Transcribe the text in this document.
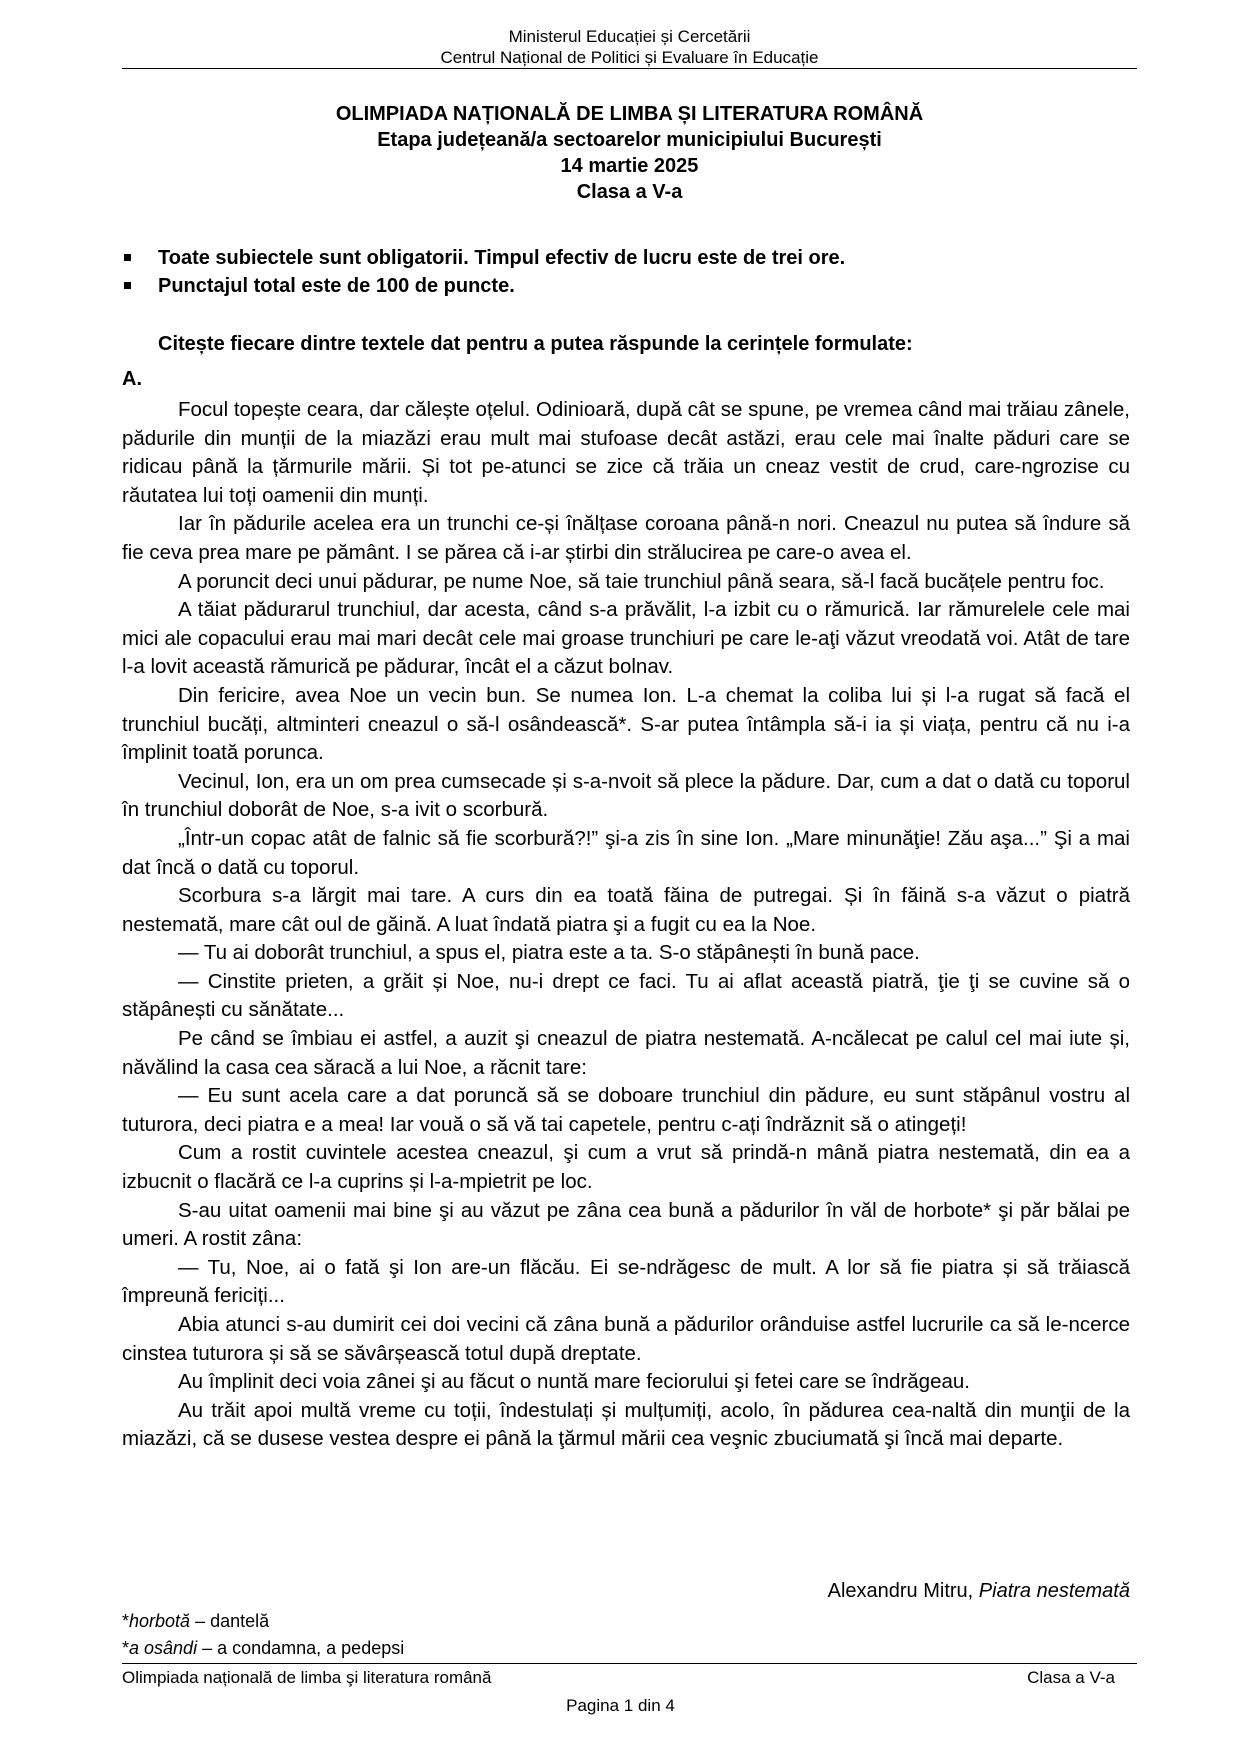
Ministerul Educației și Cercetării
Centrul Național de Politici și Evaluare în Educație
OLIMPIADA NAȚIONALĂ DE LIMBA ȘI LITERATURA ROMÂNĂ
Etapa județeană/a sectoarelor municipiului București
14 martie 2025
Clasa a V-a
Toate subiectele sunt obligatorii. Timpul efectiv de lucru este de trei ore.
Punctajul total este de 100 de puncte.
Citește fiecare dintre textele dat pentru a putea răspunde la cerințele formulate:
A.

Focul topește ceara, dar călește oțelul. Odinioară, după cât se spune, pe vremea când mai trăiau zânele, pădurile din munții de la miazăzi erau mult mai stufoase decât astăzi, erau cele mai înalte păduri care se ridicau până la țărmurile mării. Și tot pe-atunci se zice că trăia un cneaz vestit de crud, care-ngrozise cu răutatea lui toți oamenii din munți.

Iar în pădurile acelea era un trunchi ce-și înălțase coroana până-n nori. Cneazul nu putea să îndure să fie ceva prea mare pe pământ. I se părea că i-ar știrbi din strălucirea pe care-o avea el.

A poruncit deci unui pădurar, pe nume Noe, să taie trunchiul până seara, să-l facă bucățele pentru foc.

A tăiat pădurarul trunchiul, dar acesta, când s-a prăvălit, l-a izbit cu o rămurică. Iar rămurelele cele mai mici ale copacului erau mai mari decât cele mai groase trunchiuri pe care le-aţi văzut vreodată voi. Atât de tare l-a lovit această rămurică pe pădurar, încât el a căzut bolnav.

Din fericire, avea Noe un vecin bun. Se numea Ion. L-a chemat la coliba lui și l-a rugat să facă el trunchiul bucăți, altminteri cneazul o să-l osândească*. S-ar putea întâmpla să-i ia și viața, pentru că nu i-a împlinit toată porunca.

Vecinul, Ion, era un om prea cumsecade și s-a-nvoit să plece la pădure. Dar, cum a dat o dată cu toporul în trunchiul doborât de Noe, s-a ivit o scorbură.

„Într-un copac atât de falnic să fie scorbură?!” şi-a zis în sine Ion. „Mare minunăţie! Zău aşa...” Şi a mai dat încă o dată cu toporul.

Scorbura s-a lărgit mai tare. A curs din ea toată făina de putregai. Și în făină s-a văzut o piatră nestemată, mare cât oul de găină. A luat îndată piatra şi a fugit cu ea la Noe.

— Tu ai doborât trunchiul, a spus el, piatra este a ta. S-o stăpânești în bună pace.

— Cinstite prieten, a grăit și Noe, nu-i drept ce faci. Tu ai aflat această piatră, ţie ţi se cuvine să o stăpânești cu sănătate...

Pe când se îmbiau ei astfel, a auzit şi cneazul de piatra nestemată. A-ncălecat pe calul cel mai iute și, năvălind la casa cea săracă a lui Noe, a răcnit tare:

— Eu sunt acela care a dat poruncă să se doboare trunchiul din pădure, eu sunt stăpânul vostru al tuturora, deci piatra e a mea! Iar vouă o să vă tai capetele, pentru c-ați îndrăznit să o atingeți!

Cum a rostit cuvintele acestea cneazul, şi cum a vrut să prindă-n mână piatra nestemată, din ea a izbucnit o flacără ce l-a cuprins și l-a-mpietrit pe loc.

S-au uitat oamenii mai bine şi au văzut pe zâna cea bună a pădurilor în văl de horbote* şi păr bălai pe umeri. A rostit zâna:

— Tu, Noe, ai o fată şi Ion are-un flăcău. Ei se-ndrăgesc de mult. A lor să fie piatra și să trăiască împreună fericiți...

Abia atunci s-au dumirit cei doi vecini că zâna bună a pădurilor orânduise astfel lucrurile ca să le-ncerce cinstea tuturora și să se săvârșească totul după dreptate.

Au împlinit deci voia zânei şi au făcut o nuntă mare feciorului şi fetei care se îndrăgeau.

Au trăit apoi multă vreme cu toții, îndestulați și mulțumiți, acolo, în pădurea cea-naltă din munţii de la miazăzi, că se dusese vestea despre ei până la ţărmul mării cea veşnic zbuciumată şi încă mai departe.

Alexandru Mitru, Piatra nestemată
*horbotă – dantelă
*a osândi – a condamna, a pedepsi
Olimpiada națională de limba şi literatura română	Clasa a V-a
Pagina 1 din 4
